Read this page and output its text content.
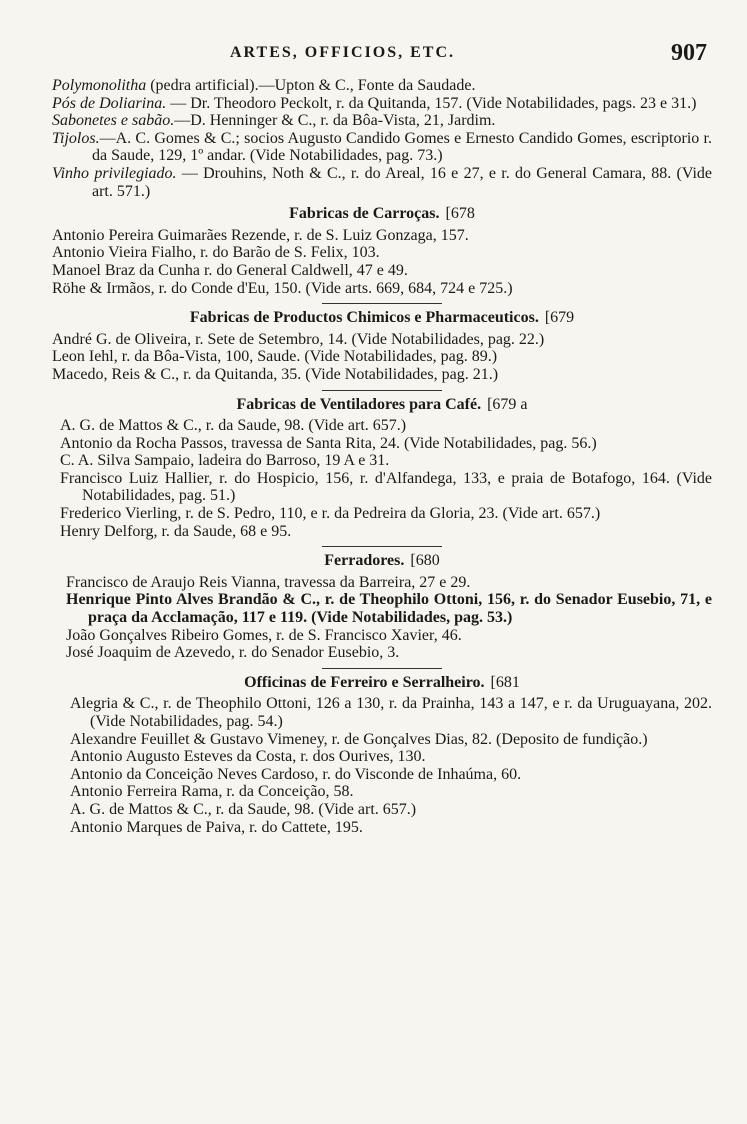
ARTES, OFFICIOS, ETC.	907

Polymonolitha (pedra artificial).—Upton & C., Fonte da Saudade.

Pós de Doliarina. — Dr. Theodoro Peckolt, r. da Quitanda, 157. (Vide Notabilidades, pags. 23 e 31.)

Sabonetes e sabão.—D. Henninger & C., r. da Bôa-Vista, 21, Jardim.

Tijolos.—A. C. Gomes & C.; socios Augusto Candido Gomes e Ernesto Candido Gomes, escriptorio r. da Saude, 129, 1º andar. (Vide Notabilidades, pag. 73.)

Vinho privilegiado. — Drouhins, Noth & C., r. do Areal, 16 e 27, e r. do General Camara, 88. (Vide art. 571.)

Fabricas de Carroças. [678

Antonio Pereira Guimarães Rezende, r. de S. Luiz Gonzaga, 157.

Antonio Vieira Fialho, r. do Barão de S. Felix, 103.

Manoel Braz da Cunha r. do General Caldwell, 47 e 49.

Röhe & Irmãos, r. do Conde d'Eu, 150. (Vide arts. 669, 684, 724 e 725.)

Fabricas de Productos Chimicos e Pharmaceuticos. [679

André G. de Oliveira, r. Sete de Setembro, 14. (Vide Notabilidades, pag. 22.)

Leon Iehl, r. da Bôa-Vista, 100, Saude. (Vide Notabilidades, pag. 89.)

Macedo, Reis & C., r. da Quitanda, 35. (Vide Notabilidades, pag. 21.)

Fabricas de Ventiladores para Café. [679 a

A. G. de Mattos & C., r. da Saude, 98. (Vide art. 657.)

Antonio da Rocha Passos, travessa de Santa Rita, 24. (Vide Notabilidades, pag. 56.)

C. A. Silva Sampaio, ladeira do Barroso, 19 A e 31.

Francisco Luiz Hallier, r. do Hospicio, 156, r. d'Alfandega, 133, e praia de Botafogo, 164. (Vide Notabilidades, pag. 51.)

Frederico Vierling, r. de S. Pedro, 110, e r. da Pedreira da Gloria, 23. (Vide art. 657.)

Henry Delforg, r. da Saude, 68 e 95.

Ferradores. [680

Francisco de Araujo Reis Vianna, travessa da Barreira, 27 e 29.

Henrique Pinto Alves Brandão & C., r. de Theophilo Ottoni, 156, r. do Senador Eusebio, 71, e praça da Acclamação, 117 e 119. (Vide Notabilidades, pag. 53.)

João Gonçalves Ribeiro Gomes, r. de S. Francisco Xavier, 46.

José Joaquim de Azevedo, r. do Senador Eusebio, 3.

Officinas de Ferreiro e Serralheiro. [681

Alegria & C., r. de Theophilo Ottoni, 126 a 130, r. da Prainha, 143 a 147, e r. da Uruguayana, 202. (Vide Notabilidades, pag. 54.)

Alexandre Feuillet & Gustavo Vimeney, r. de Gonçalves Dias, 82. (Deposito de fundição.)

Antonio Augusto Esteves da Costa, r. dos Ourives, 130.

Antonio da Conceição Neves Cardoso, r. do Visconde de Inhaúma, 60.

Antonio Ferreira Rama, r. da Conceição, 58.

A. G. de Mattos & C., r. da Saude, 98. (Vide art. 657.)

Antonio Marques de Paiva, r. do Cattete, 195.
